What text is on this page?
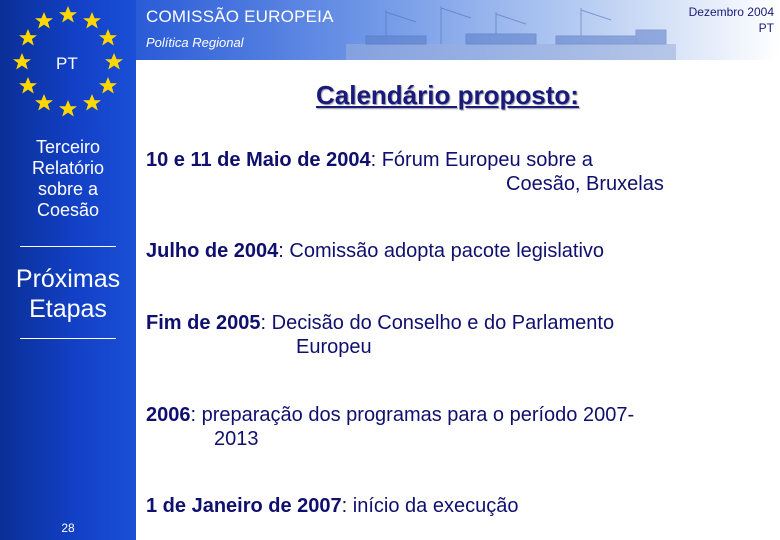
COMISSÃO EUROPEIA
Política Regional
Dezembro 2004
PT
PT
Terceiro
Relatório
sobre a
Coesão
Próximas
Etapas
28
Calendário proposto:
10 e 11 de Maio de 2004: Fórum Europeu sobre a
Coesão, Bruxelas
Julho de 2004: Comissão adopta pacote legislativo
Fim de 2005: Decisão do Conselho e do Parlamento
Europeu
2006: preparação dos programas para o período 2007-
2013
1 de Janeiro de 2007: início da execução
